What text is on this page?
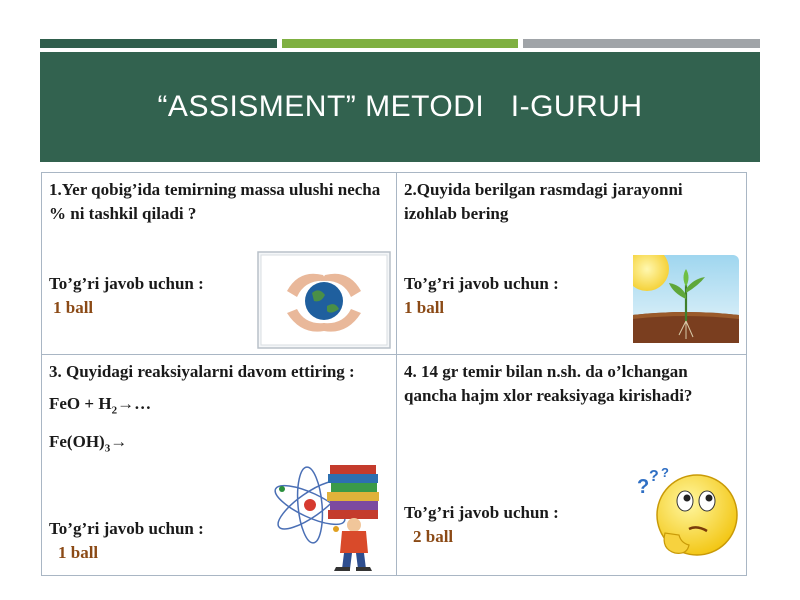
“ASSISMENT” METODI   I-GURUH
1.Yer qobig’ida temirning massa ulushi necha % ni tashkil qiladi ?
To’g’ri javob uchun :
1 ball
2.Quyida berilgan rasmdagi jarayonni izohlab bering
To’g’ri javob uchun :
1 ball
3. Quyidagi reaksiyalarni davom ettiring :
FeO + $H_2\to\dots$
$Fe(OH)_3\to$
To’g’ri javob uchun :
1 ball
4. 14 gr temir bilan n.sh. da o’lchangan qancha hajm xlor reaksiyaga kirishadi?
To’g’ri javob uchun :
2 ball
? ? ?
